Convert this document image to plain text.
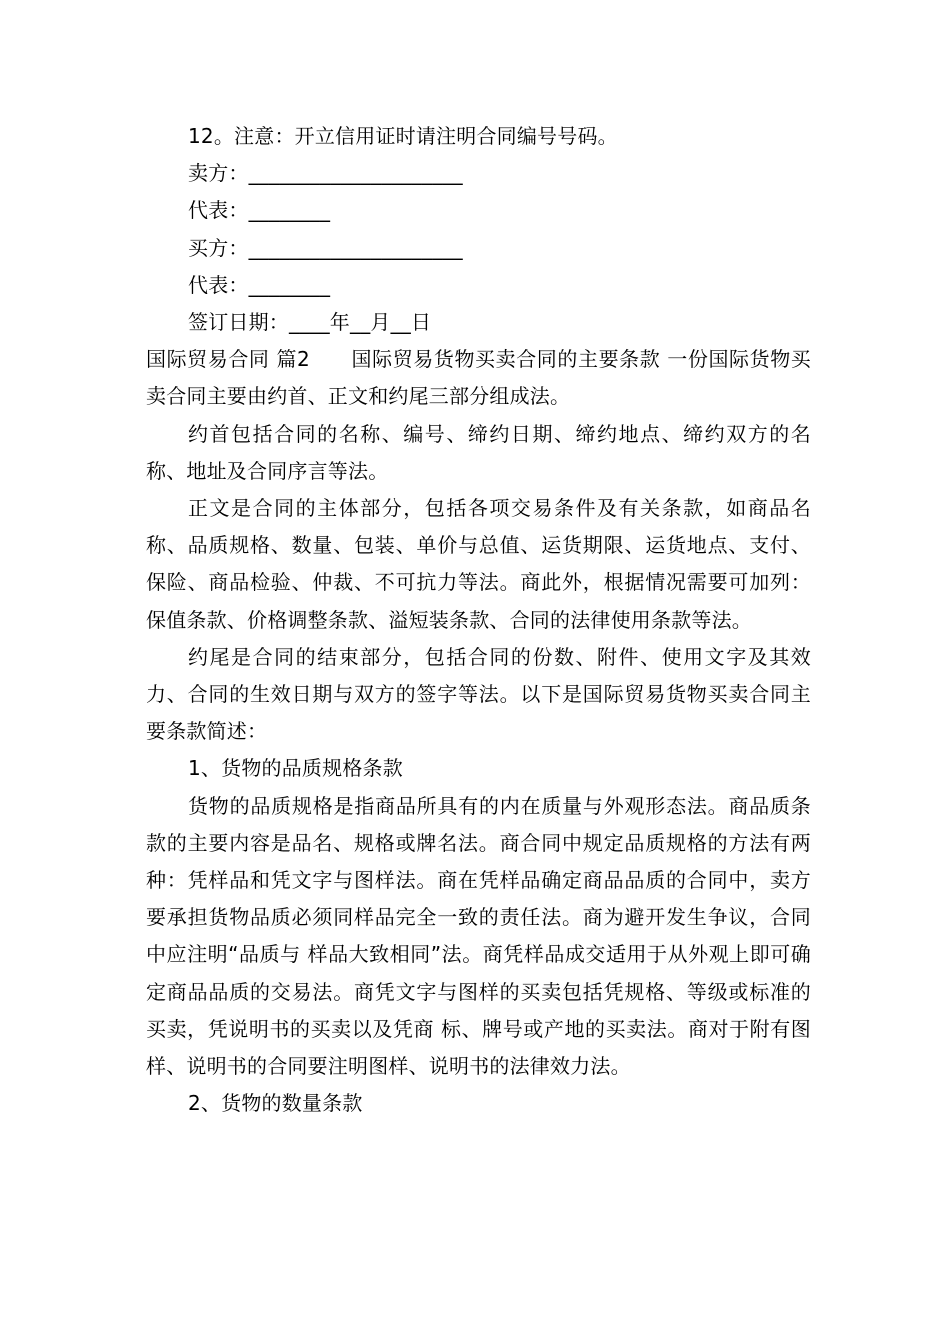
12。注意：开立信用证时请注明合同编号号码。

卖方：_____________________

代表：________

买方：_____________________

代表：________

签订日期：____年__月__日

国际贸易合同 篇2　　国际贸易货物买卖合同的主要条款 一份国际货物买卖合同主要由约首、正文和约尾三部分组成法。

约首包括合同的名称、编号、缔约日期、缔约地点、缔约双方的名称、地址及合同序言等法。

正文是合同的主体部分，包括各项交易条件及有关条款，如商品名称、品质规格、数量、包装、单价与总值、运货期限、运货地点、支付、保险、商品检验、仲裁、不可抗力等法。商此外，根据情况需要可加列：保值条款、价格调整条款、溢短装条款、合同的法律使用条款等法。

约尾是合同的结束部分，包括合同的份数、附件、使用文字及其效力、合同的生效日期与双方的签字等法。以下是国际贸易货物买卖合同主要条款简述：

1、货物的品质规格条款

货物的品质规格是指商品所具有的内在质量与外观形态法。商品质条款的主要内容是品名、规格或牌名法。商合同中规定品质规格的方法有两 种：凭样品和凭文字与图样法。商在凭样品确定商品品质的合同中，卖方要承担货物品质必须同样品完全一致的责任法。商为避开发生争议，合同中应注明“品质与 样品大致相同”法。商凭样品成交适用于从外观上即可确定商品品质的交易法。商凭文字与图样的买卖包括凭规格、等级或标准的买卖，凭说明书的买卖以及凭商 标、牌号或产地的买卖法。商对于附有图样、说明书的合同要注明图样、说明书的法律效力法。

2、货物的数量条款
